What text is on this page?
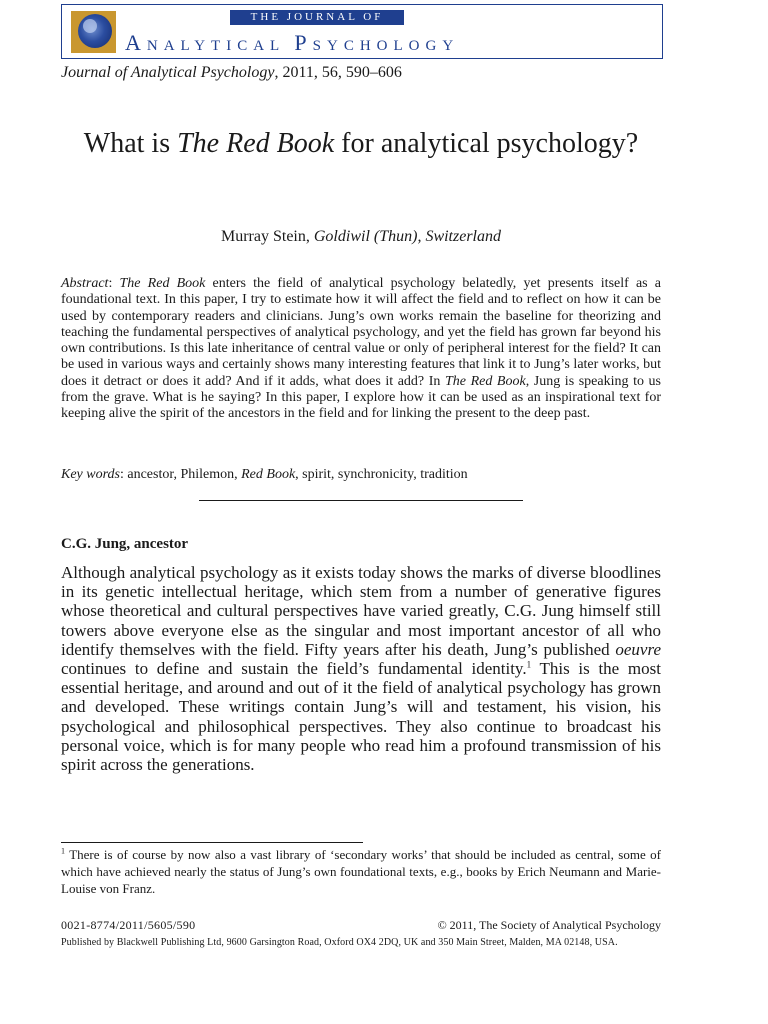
THE JOURNAL OF
ANALYTICAL PSYCHOLOGY
Journal of Analytical Psychology, 2011, 56, 590–606
What is The Red Book for analytical psychology?
Murray Stein, Goldiwil (Thun), Switzerland
Abstract: The Red Book enters the field of analytical psychology belatedly, yet presents itself as a foundational text. In this paper, I try to estimate how it will affect the field and to reflect on how it can be used by contemporary readers and clinicians. Jung’s own works remain the baseline for theorizing and teaching the fundamental perspectives of analytical psychology, and yet the field has grown far beyond his own contributions. Is this late inheritance of central value or only of peripheral interest for the field? It can be used in various ways and certainly shows many interesting features that link it to Jung’s later works, but does it detract or does it add? And if it adds, what does it add? In The Red Book, Jung is speaking to us from the grave. What is he saying? In this paper, I explore how it can be used as an inspirational text for keeping alive the spirit of the ancestors in the field and for linking the present to the deep past.
Key words: ancestor, Philemon, Red Book, spirit, synchronicity, tradition
C.G. Jung, ancestor
Although analytical psychology as it exists today shows the marks of diverse bloodlines in its genetic intellectual heritage, which stem from a number of generative figures whose theoretical and cultural perspectives have varied greatly, C.G. Jung himself still towers above everyone else as the singular and most important ancestor of all who identify themselves with the field. Fifty years after his death, Jung’s published oeuvre continues to define and sustain the field’s fundamental identity.$^1$ This is the most essential heritage, and around and out of it the field of analytical psychology has grown and developed. These writings contain Jung’s will and testament, his vision, his psychological and philosophical perspectives. They also continue to broadcast his personal voice, which is for many people who read him a profound transmission of his spirit across the generations.
$^1$ There is of course by now also a vast library of ‘secondary works’ that should be included as central, some of which have achieved nearly the status of Jung’s own foundational texts, e.g., books by Erich Neumann and Marie-Louise von Franz.
0021-8774/2011/5605/590	© 2011, The Society of Analytical Psychology
Published by Blackwell Publishing Ltd, 9600 Garsington Road, Oxford OX4 2DQ, UK and 350 Main Street, Malden, MA 02148, USA.
